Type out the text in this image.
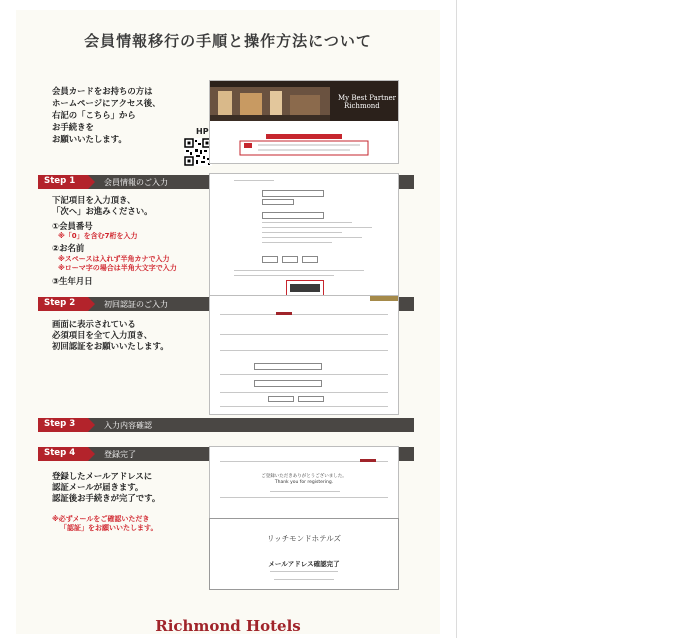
会員情報移行の手順と操作方法について
会員カードをお持ちの方は
ホームページにアクセス後、
右記の「こちら」から
お手続きを
お願いいたします。
HP
My Best Partner
Richmond
Step 1	会員情報のご入力
下記項目を入力頂き、
「次へ」お進みください。
①会員番号
※「0」を含む7桁を入力
②お名前
※スペースは入れず半角カナで入力
※ローマ字の場合は半角大文字で入力
③生年月日
Step 2	初回認証のご入力
画面に表示されている
必須項目を全て入力頂き、
初回認証をお願いいたします。
Step 3	入力内容確認
Step 4	登録完了
登録したメールアドレスに
認証メールが届きます。
認証後お手続きが完了です。
※必ずメールをご確認いただき
「認証」をお願いいたします。
ご登録いただきありがとうございました。
Thank you for registering.
リッチモンドホテルズ
メールアドレス確認完了
Richmond Hotels
